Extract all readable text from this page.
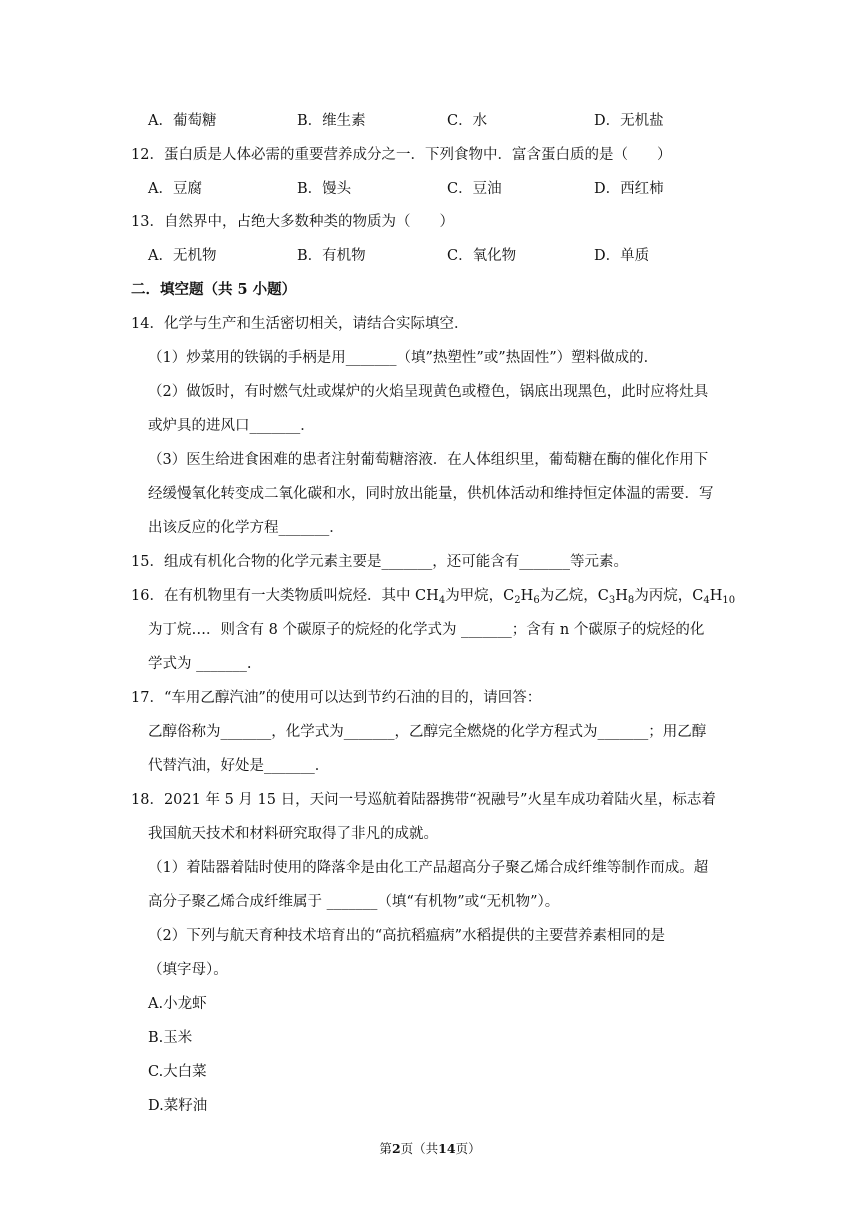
A．葡萄糖	B．维生素	C．水	D．无机盐
12．蛋白质是人体必需的重要营养成分之一．下列食物中．富含蛋白质的是（　　）
A．豆腐	B．馒头	C．豆油	D．西红柿
13．自然界中，占绝大多数种类的物质为（　　）
A．无机物	B．有机物	C．氧化物	D．单质
二．填空题（共 5 小题）
14．化学与生产和生活密切相关，请结合实际填空．
（1）炒菜用的铁锅的手柄是用_______（填”热塑性”或”热固性”）塑料做成的．
（2）做饭时，有时燃气灶或煤炉的火焰呈现黄色或橙色，锅底出现黑色，此时应将灶具
或炉具的进风口_______．
（3）医生给进食困难的患者注射葡萄糖溶液．在人体组织里，葡萄糖在酶的催化作用下
经缓慢氧化转变成二氧化碳和水，同时放出能量，供机体活动和维持恒定体温的需要．写
出该反应的化学方程_______．
15．组成有机化合物的化学元素主要是_______，还可能含有_______等元素。
16．在有机物里有一大类物质叫烷烃．其中 $CH_4$为甲烷，$C_2H_6$为乙烷，$C_3H_8$为丙烷，$C_4H_{10}$
为丁烷…．则含有 8 个碳原子的烷烃的化学式为 _______；含有 n 个碳原子的烷烃的化
学式为 _______.
17．“车用乙醇汽油”的使用可以达到节约石油的目的，请回答：
乙醇俗称为_______，化学式为_______，乙醇完全燃烧的化学方程式为_______；用乙醇
代替汽油，好处是_______．
18．2021 年 5 月 15 日，天问一号巡航着陆器携带“祝融号”火星车成功着陆火星，标志着
我国航天技术和材料研究取得了非凡的成就。
（1）着陆器着陆时使用的降落伞是由化工产品超高分子聚乙烯合成纤维等制作而成。超
高分子聚乙烯合成纤维属于 _______（填“有机物”或“无机物”）。
（2）下列与航天育种技术培育出的“高抗稻瘟病”水稻提供的主要营养素相同的是
（填字母）。
A.小龙虾
B.玉米
C.大白菜
D.菜籽油
第2页（共14页）
